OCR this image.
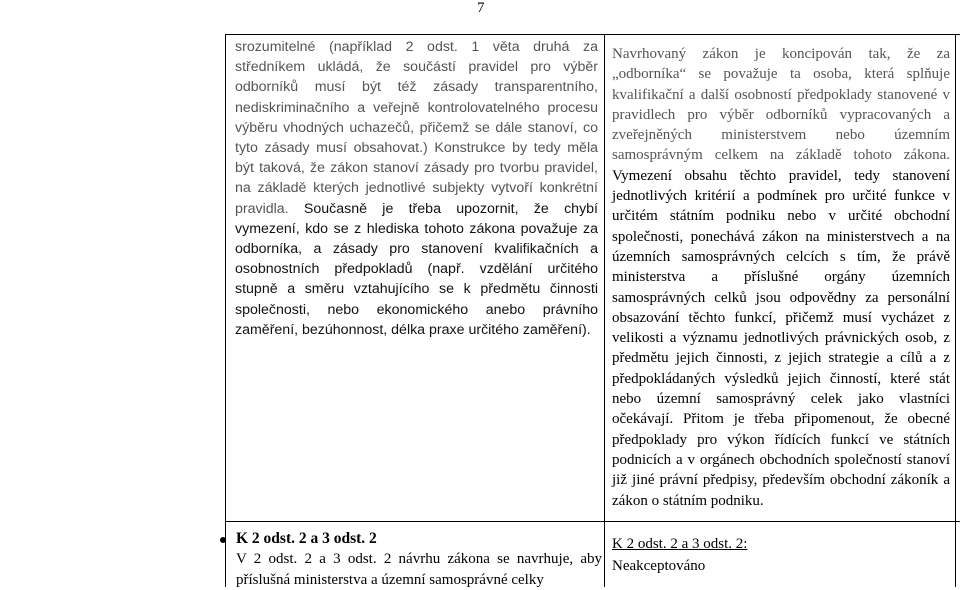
7
srozumitelné (například 2 odst. 1 věta druhá za středníkem ukládá, že součástí pravidel pro výběr odborníků musí být též zásady transparentního, nediskriminačního a veřejně kontrolovatelného procesu výběru vhodných uchazečů, přičemž se dále stanoví, co tyto zásady musí obsahovat.) Konstrukce by tedy měla být taková, že zákon stanoví zásady pro tvorbu pravidel, na základě kterých jednotlivé subjekty vytvoří konkrétní pravidla. Současně je třeba upozornit, že chybí vymezení, kdo se z hlediska tohoto zákona považuje za odborníka, a zásady pro stanovení kvalifikačních a osobnostních předpokladů (např. vzdělání určitého stupně a směru vztahujícího se k předmětu činnosti společnosti, nebo ekonomického anebo právního zaměření, bezúhonnost, délka praxe určitého zaměření).
Navrhovaný zákon je koncipován tak, že za „odborníka“ se považuje ta osoba, která splňuje kvalifikační a další osobností předpoklady stanovené v pravidlech pro výběr odborníků vypracovaných a zveřejněných ministerstvem nebo územním samosprávným celkem na základě tohoto zákona. Vymezení obsahu těchto pravidel, tedy stanovení jednotlivých kritérií a podmínek pro určité funkce v určitém státním podniku nebo v určité obchodní společnosti, ponechává zákon na ministerstvech a na územních samosprávných celcích s tím, že právě ministerstva a příslušné orgány územních samosprávných celků jsou odpovědny za personální obsazování těchto funkcí, přičemž musí vycházet z velikosti a významu jednotlivých právnických osob, z předmětu jejich činnosti, z jejich strategie a cílů a z předpokládaných výsledků jejich činností, které stát nebo územní samosprávný celek jako vlastníci očekávají. Přitom je třeba připomenout, že obecné předpoklady pro výkon řídících funkcí ve státních podnicích a v orgánech obchodních společností stanoví již jiné právní předpisy, především obchodní zákoník a zákon o státním podniku.
K 2 odst. 2 a 3 odst. 2
V 2 odst. 2 a 3 odst. 2 návrhu zákona se navrhuje, aby příslušná ministerstva a územní samosprávné celky
K 2 odst. 2 a 3 odst. 2:
Neakceptováno
